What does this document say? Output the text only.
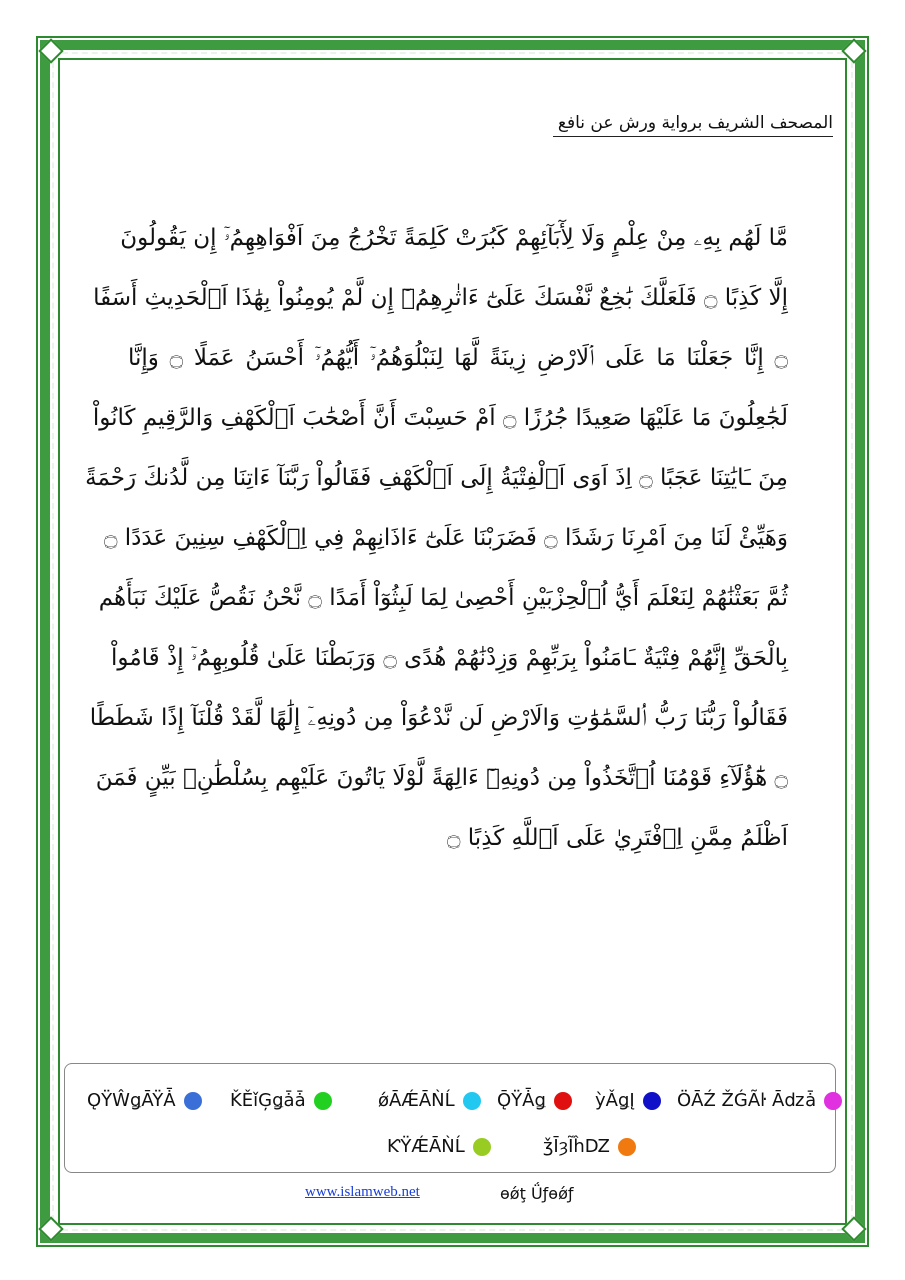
المصحف الشريف برواية ورش عن نافع
مَّا لَهُم بِهِۦ مِنْ عِلْمٍ وَلَا لِأٓبَآئِهِمْ كَبُرَتْ كَلِمَةً تَخْرُجُ مِنَ اَفْوَاهِهِمُۥٓ إِن يَقُولُونَ
إِلَّا كَذِبًا ۝ فَلَعَلَّكَ بَٰخِعٌ نَّفْسَكَ عَلَىٰٓ ءَاثٰرِهِمُۥٓ إِن لَّمْ يُومِنُواْ بِهَٰذَا اَ۬لْحَدِيثِ أَسَفًا
۝ إِنَّا جَعَلْنَا مَا عَلَى اَ۬لَارْضِ زِينَةً لَّهَا لِنَبْلُوَهُمُۥٓ أَيُّهُمُۥٓ أَحْسَنُ عَمَلًا ۝ وَإِنَّا
لَجَٰعِلُونَ مَا عَلَيْهَا صَعِيدًا جُرُزًا ۝ اَمْ حَسِبْتَ أَنَّ أَصْحَٰبَ اَ۬لْكَهْفِ وَالرَّقِيمِ كَانُواْ
مِنَ ـَايَٰتِنَا عَجَبًا ۝ اِذَ اَوَى اَ۬لْفِتْيَةُ إِلَى اَ۬لْكَهْفِ فَقَالُواْ رَبَّنَآ ءَاتِنَا مِن لَّدُنكَ رَحْمَةً
وَهَيِّئْ لَنَا مِنَ اَمْرِنَا رَشَدًا ۝ فَضَرَبْنَا عَلَىٰٓ ءَاذَانِهِمْ فِي اِ۬لْكَهْفِ سِنِينَ عَدَدًا ۝
ثُمَّ بَعَثْنَٰهُمْ لِنَعْلَمَ أَيُّ اُ۬لْحِزْبَيْنِ أَحْصِىٰ لِمَا لَبِثُوٓاْ أَمَدًا ۝ نَّحْنُ نَقُصُّ عَلَيْكَ نَبَأَهُم
بِالْحَقِّ إِنَّهُمْ فِتْيَةٌ ـَامَنُواْ بِرَبِّهِمْ وَزِدْنَٰهُمْ هُدًى ۝ وَرَبَطْنَا عَلَىٰ قُلُوبِهِمُۥٓ إِذْ قَامُواْ
فَقَالُواْ رَبُّنَا رَبُّ اُ۬لسَّمَٰوَٰتِ وَالَارْضِ لَن نَّدْعُوَاْ مِن دُونِهِۦٓ إِلَٰهًا لَّقَدْ قُلْنَآ إِذًا شَطَطًا
۝ هَٰٓؤُلَآءِ قَوْمُنَا اُ۪تَّخَذُواْ مِن دُونِهِۦٓ ءَالِهَةً لَّوْلَا يَاتُونَ عَلَيْهِم بِسُلْطَٰنِۢ بَيِّنٍ فَمَنَ
اَظْلَمُ مِمَّنِ اِ۪فْتَرِيٰ عَلَى اَ۬للَّهِ كَذِبًا ۝
ǪŸŴǥĀŸǠ	ǨĚǐĢǥǡǡ	ǿĀǼĀǸĹ ǬŸǠǥ	ỳǍǥĮ ÖĀŹ ŽǴÃŀ Āǳǡ
ƘŸǼĀǸĹ	ǯĪȝĨĥǱ
www.islamweb.net	ɵǿţ Ǘƒɵǿƒ
